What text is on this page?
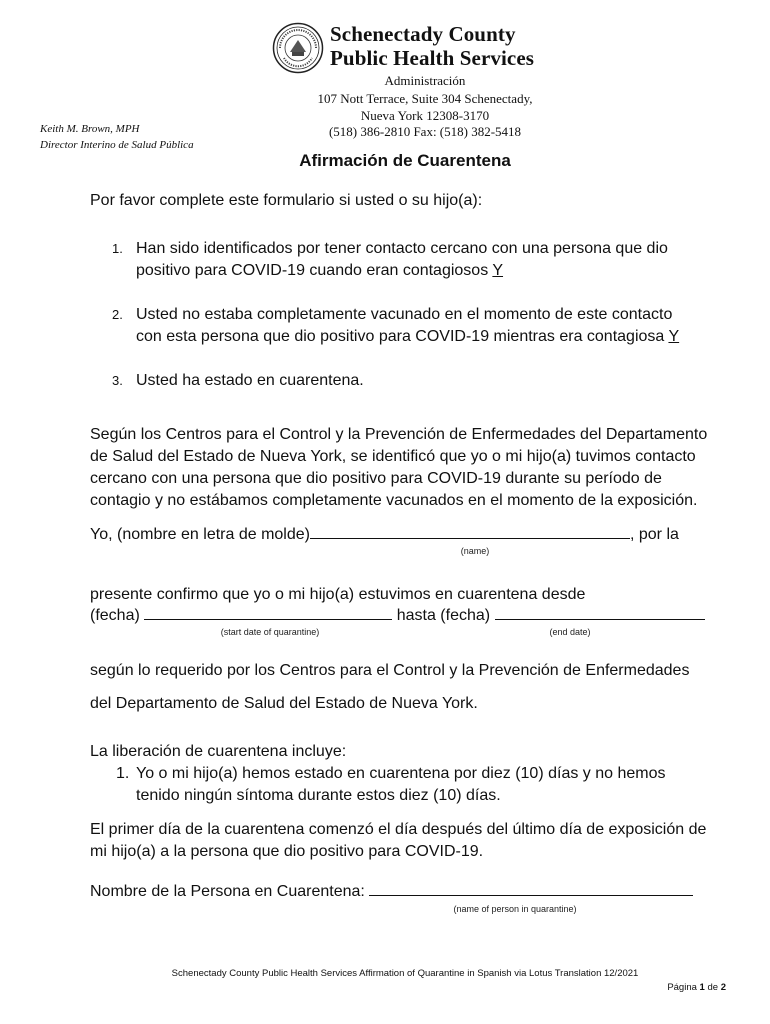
Schenectady County
Public Health Services
Administración
107 Nott Terrace, Suite 304 Schenectady,
Nueva York 12308-3170
(518) 386-2810 Fax: (518) 382-5418
Keith M. Brown, MPH
Director Interino de Salud Pública
Afirmación de Cuarentena
Por favor complete este formulario si usted o su hijo(a):
1. Han sido identificados por tener contacto cercano con una persona que dio
positivo para COVID-19 cuando eran contagiosos Y
2. Usted no estaba completamente vacunado en el momento de este contacto
con esta persona que dio positivo para COVID-19 mientras era contagiosa Y
3. Usted ha estado en cuarentena.
Según los Centros para el Control y la Prevención de Enfermedades del Departamento
de Salud del Estado de Nueva York, se identificó que yo o mi hijo(a) tuvimos contacto
cercano con una persona que dio positivo para COVID-19 durante su período de
contagio y no estábamos completamente vacunados en el momento de la exposición.
Yo, (nombre en letra de molde)	, por la
(name)
presente confirmo que yo o mi hijo(a) estuvimos en cuarentena desde
(fecha)	hasta (fecha)
(start date of quarantine)	(end date)
según lo requerido por los Centros para el Control y la Prevención de Enfermedades
del Departamento de Salud del Estado de Nueva York.
La liberación de cuarentena incluye:
1. Yo o mi hijo(a) hemos estado en cuarentena por diez (10) días y no hemos
tenido ningún síntoma durante estos diez (10) días.
El primer día de la cuarentena comenzó el día después del último día de exposición de
mi hijo(a) a la persona que dio positivo para COVID-19.
Nombre de la Persona en Cuarentena:
(name of person in quarantine)
Schenectady County Public Health Services Affirmation of Quarantine in Spanish via Lotus Translation 12/2021
Página 1 de 2
